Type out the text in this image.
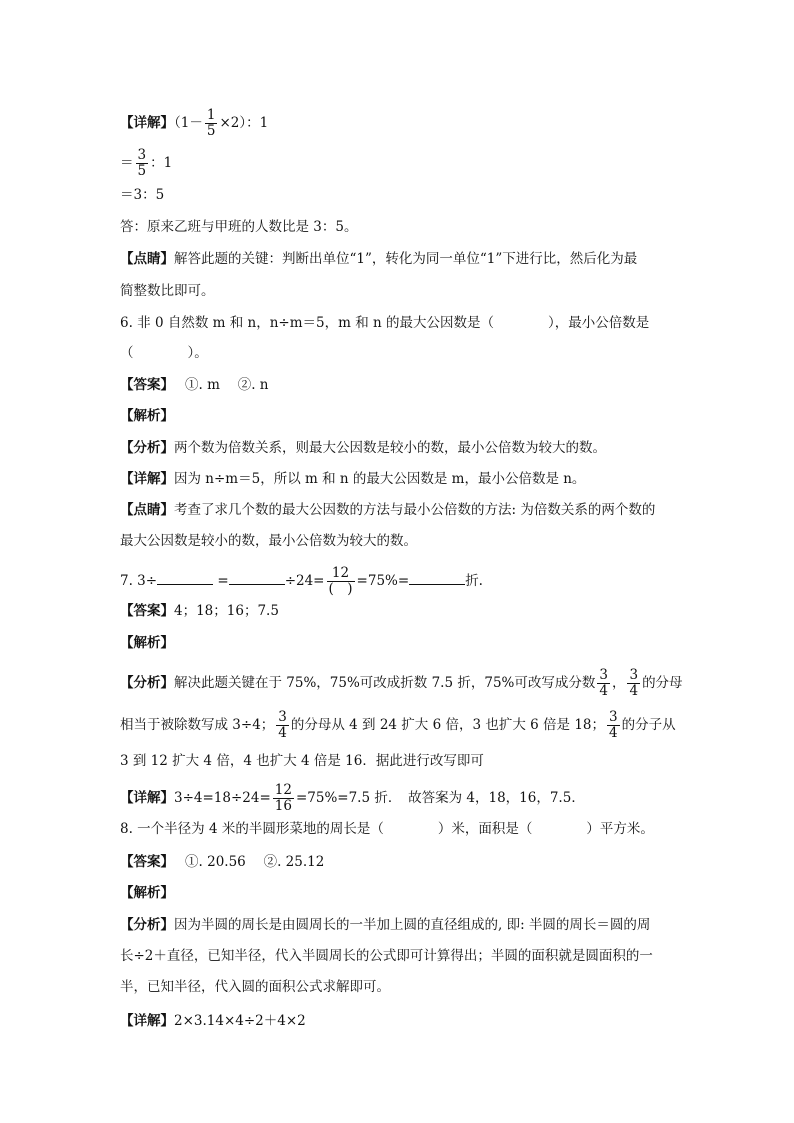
【详解】$(1- \frac{1}{5} \times 2)$：1
＝ $\frac{3}{5}$ ：1
＝3：5
答：原来乙班与甲班的人数比是 3：5。
【点睛】解答此题的关键：判断出单位“1”，转化为同一单位“1”下进行比，然后化为最
简整数比即可。
6. 非 0 自然数 m 和 n，n÷m＝5，m 和 n 的最大公因数是（　　　　），最小公倍数是
（　　　　）。
【答案】　 ①. m　 ②. n
【解析】
【分析】两个数为倍数关系，则最大公因数是较小的数，最小公倍数为较大的数。
【详解】因为 n÷m＝5，所以 m 和 n 的最大公因数是 m，最小公倍数是 n。
【点睛】考查了求几个数的最大公因数的方法与最小公倍数的方法: 为倍数关系的两个数的
最大公因数是较小的数，最小公倍数为较大的数。
7. 3÷	=	$\div 24= \frac{12}{( )} =75\%=$	折.
【答案】4；18；16；7.5
【解析】
【分析】解决此题关键在于 75%，75%可改成折数 7.5 折，75%可改写成分数 $\frac{3}{4}$ ， $\frac{3}{4}$ 的分母
相当于被除数写成 3÷4； $\frac{3}{4}$ 的分母从 4 到 24 扩大 6 倍，3 也扩大 6 倍是 18； $\frac{3}{4}$ 的分子从
3 到 12 扩大 4 倍，4 也扩大 4 倍是 16．据此进行改写即可
【详解】$3\div 4=18\div 24= \frac{12}{16} =75\%=7.5$ 折．　故答案为 4，18，16，7.5．
8. 一个半径为 4 米的半圆形菜地的周长是（　　　　）米，面积是（　　　　）平方米。
【答案】　 ①. 20.56　 ②. 25.12
【解析】
【分析】因为半圆的周长是由圆周长的一半加上圆的直径组成的, 即: 半圆的周长＝圆的周
长÷2＋直径，已知半径，代入半圆周长的公式即可计算得出；半圆的面积就是圆面积的一
半，已知半径，代入圆的面积公式求解即可。
【详解】2×3.14×4÷2＋4×2
